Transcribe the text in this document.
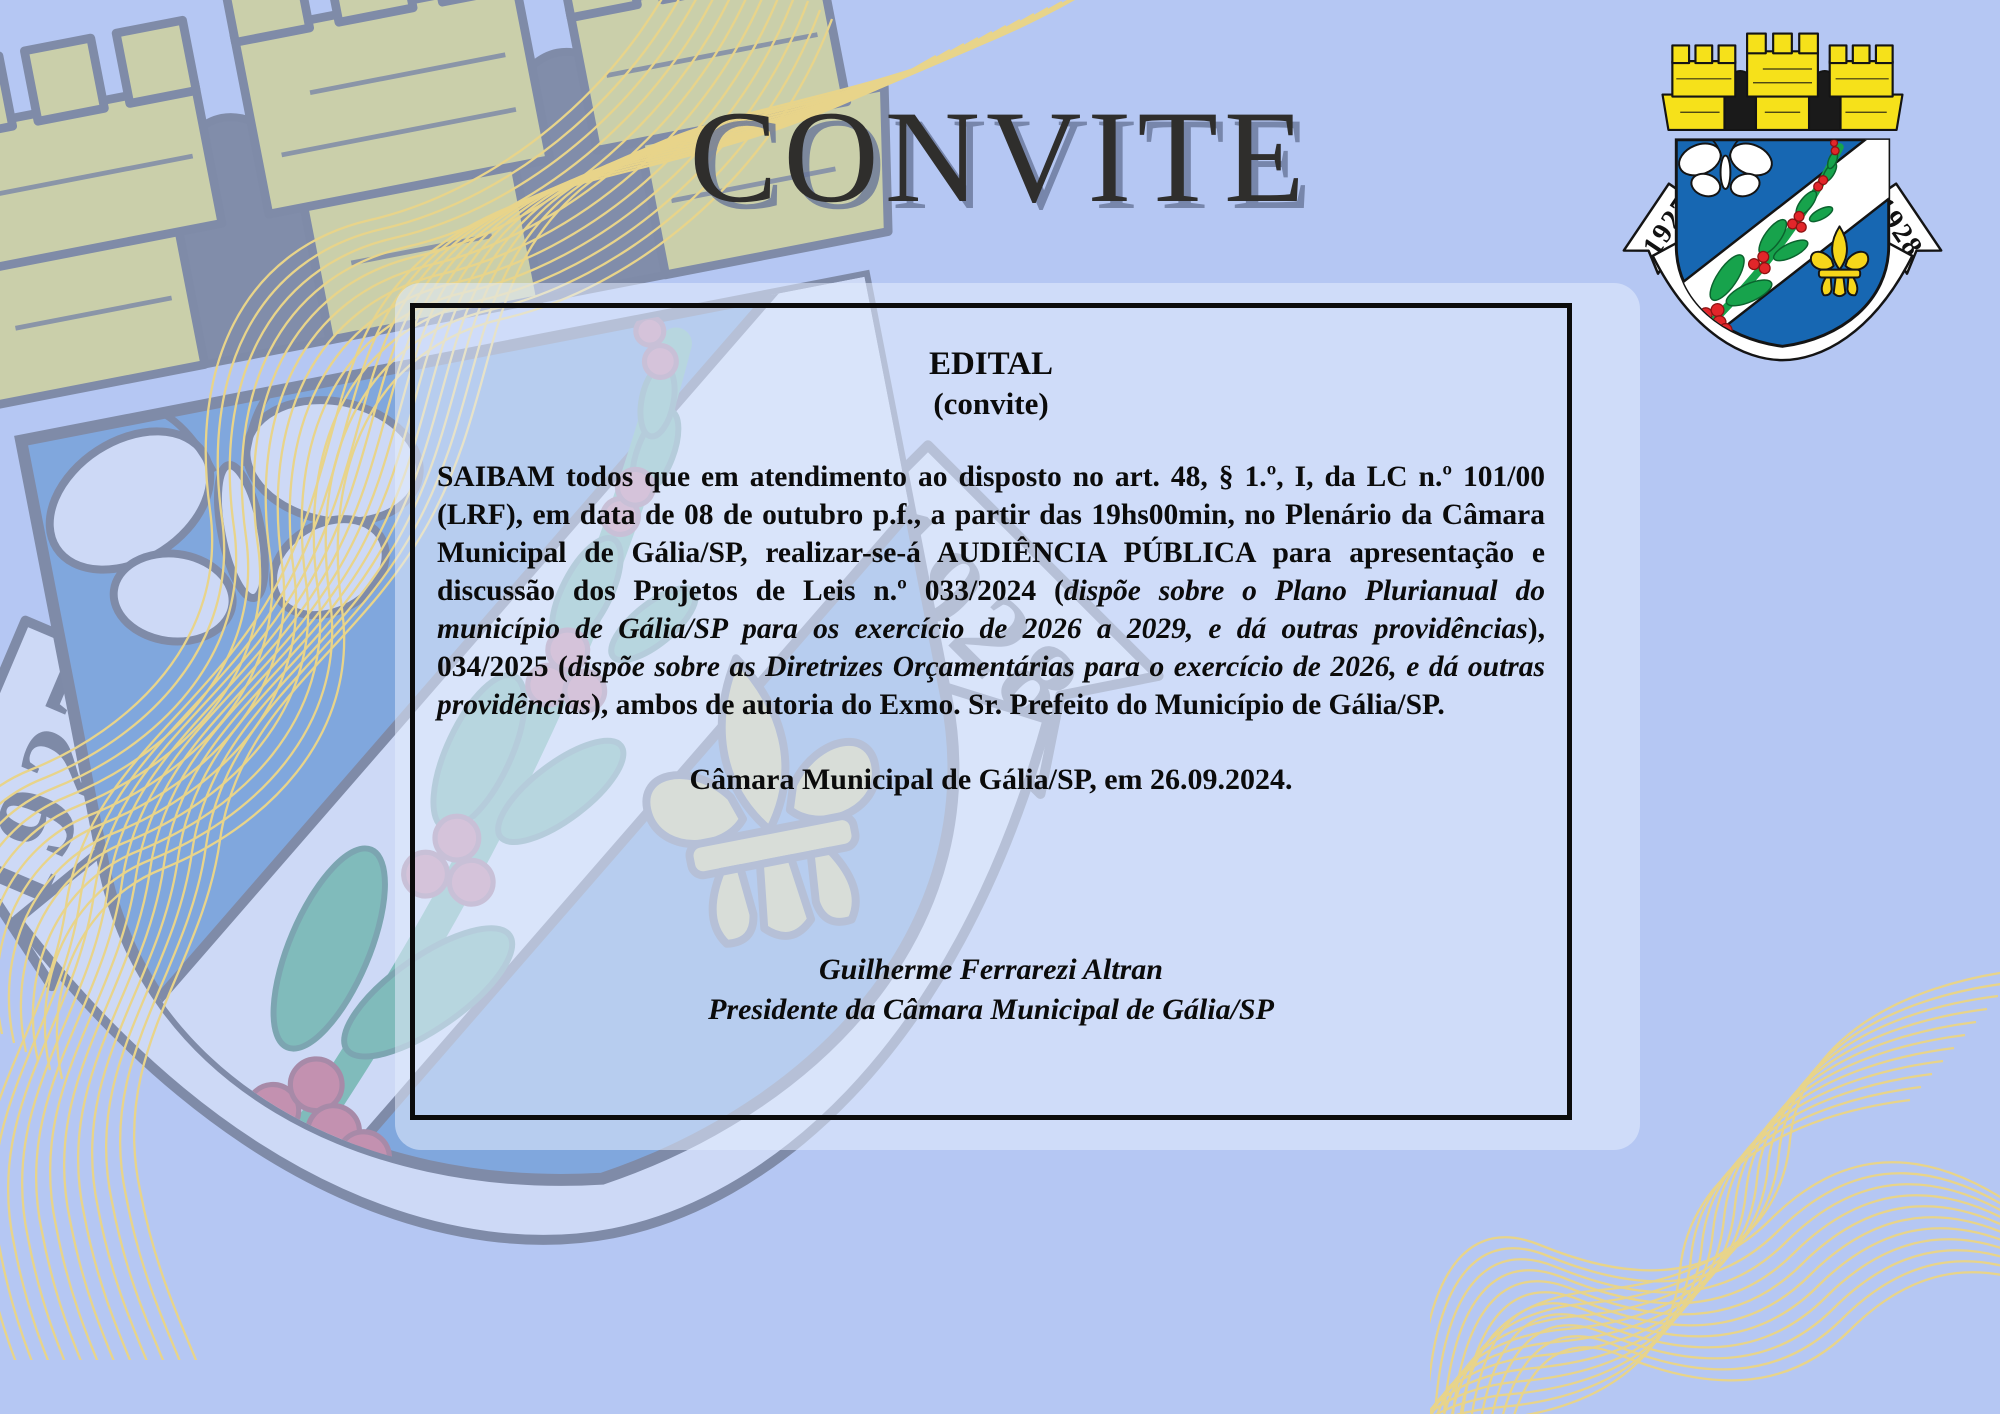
CONVITE
EDITAL
(convite)

SAIBAM todos que em atendimento ao disposto no art. 48, § 1.º, I, da LC n.º 101/00 (LRF), em data de 08 de outubro p.f., a partir das 19hs00min, no Plenário da Câmara Municipal de Gália/SP, realizar-se-á AUDIÊNCIA PÚBLICA para apresentação e discussão dos Projetos de Leis n.º 033/2024 (dispõe sobre o Plano Plurianual do município de Gália/SP para os exercício de 2026 a 2029, e dá outras providências), 034/2025 (dispõe sobre as Diretrizes Orçamentárias para o exercício de 2026, e dá outras providências), ambos de autoria do Exmo. Sr. Prefeito do Município de Gália/SP.

Câmara Municipal de Gália/SP, em 26.09.2024.
Guilherme Ferrarezi Altran
Presidente da Câmara Municipal de Gália/SP
